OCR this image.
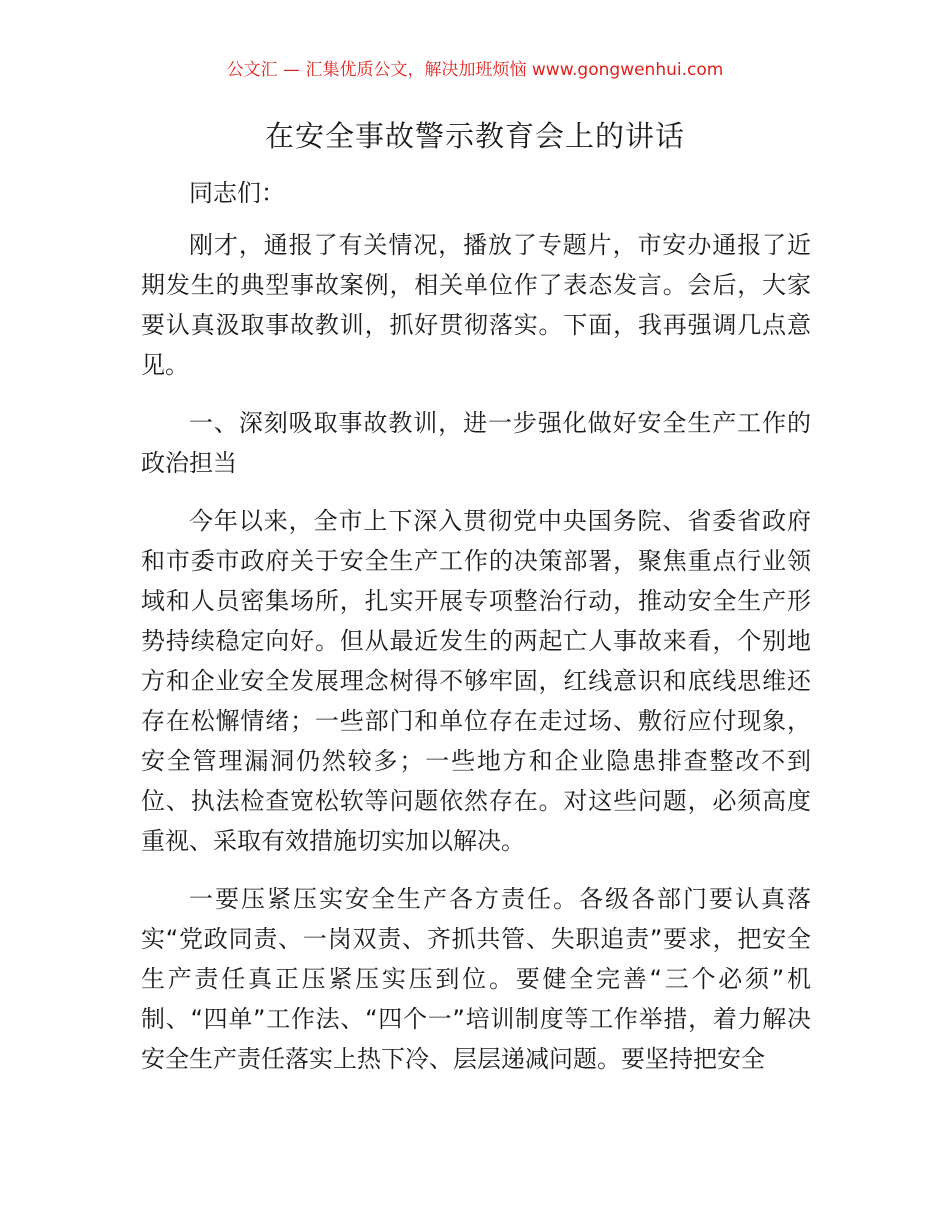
公文汇 — 汇集优质公文，解决加班烦恼 www.gongwenhui.com
在安全事故警示教育会上的讲话

同志们：

刚才，通报了有关情况，播放了专题片，市安办通报了近期发生的典型事故案例，相关单位作了表态发言。会后，大家要认真汲取事故教训，抓好贯彻落实。下面，我再强调几点意见。

一、深刻吸取事故教训，进一步强化做好安全生产工作的政治担当

今年以来，全市上下深入贯彻党中央国务院、省委省政府和市委市政府关于安全生产工作的决策部署，聚焦重点行业领域和人员密集场所，扎实开展专项整治行动，推动安全生产形势持续稳定向好。但从最近发生的两起亡人事故来看，个别地方和企业安全发展理念树得不够牢固，红线意识和底线思维还存在松懈情绪；一些部门和单位存在走过场、敷衍应付现象，安全管理漏洞仍然较多；一些地方和企业隐患排查整改不到位、执法检查宽松软等问题依然存在。对这些问题，必须高度重视、采取有效措施切实加以解决。

一要压紧压实安全生产各方责任。各级各部门要认真落实“党政同责、一岗双责、齐抓共管、失职追责”要求，把安全生产责任真正压紧压实压到位。要健全完善“三个必须”机制、“四单”工作法、“四个一”培训制度等工作举措，着力解决安全生产责任落实上热下冷、层层递减问题。要坚持把安全
